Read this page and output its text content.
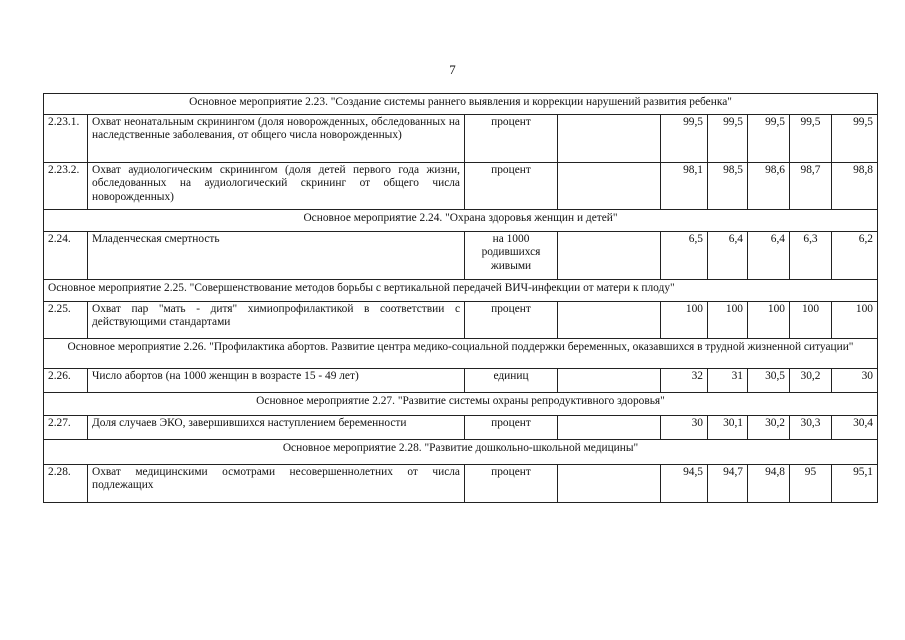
7
Основное мероприятие 2.23. "Создание системы раннего выявления и коррекции нарушений развития ребенка"								
2.23.1.	Охват неонатальным скринингом (доля новорожденных, обследованных на наследственные заболевания, от общего числа новорожденных)	процент		99,5	99,5	99,5	99,5	99,5
2.23.2.	Охват аудиологическим скринингом (доля детей первого года жизни, обследованных на аудиологический скрининг от общего числа новорожденных)	процент		98,1	98,5	98,6	98,7	98,8
Основное мероприятие 2.24. "Охрана здоровья женщин и детей"								
2.24.	Младенческая смертность	на 1000 родившихся живыми		6,5	6,4	6,4	6,3	6,2
Основное мероприятие 2.25. "Совершенствование методов борьбы с вертикальной передачей ВИЧ-инфекции от матери к плоду"								
2.25.	Охват пар "мать - дитя" химиопрофилактикой в соответствии с действующими стандартами	процент		100	100	100	100	100
Основное мероприятие 2.26. "Профилактика абортов. Развитие центра медико-социальной поддержки беременных, оказавшихся в трудной жизненной ситуации"								
2.26.	Число абортов (на 1000 женщин в возрасте 15 - 49 лет)	единиц		32	31	30,5	30,2	30
Основное мероприятие 2.27. "Развитие системы охраны репродуктивного здоровья"								
2.27.	Доля случаев ЭКО, завершившихся наступлением беременности	процент		30	30,1	30,2	30,3	30,4
Основное мероприятие 2.28. "Развитие дошкольно-школьной медицины"								
2.28.	Охват медицинскими осмотрами несовершеннолетних от числа подлежащих	процент		94,5	94,7	94,8	95	95,1
